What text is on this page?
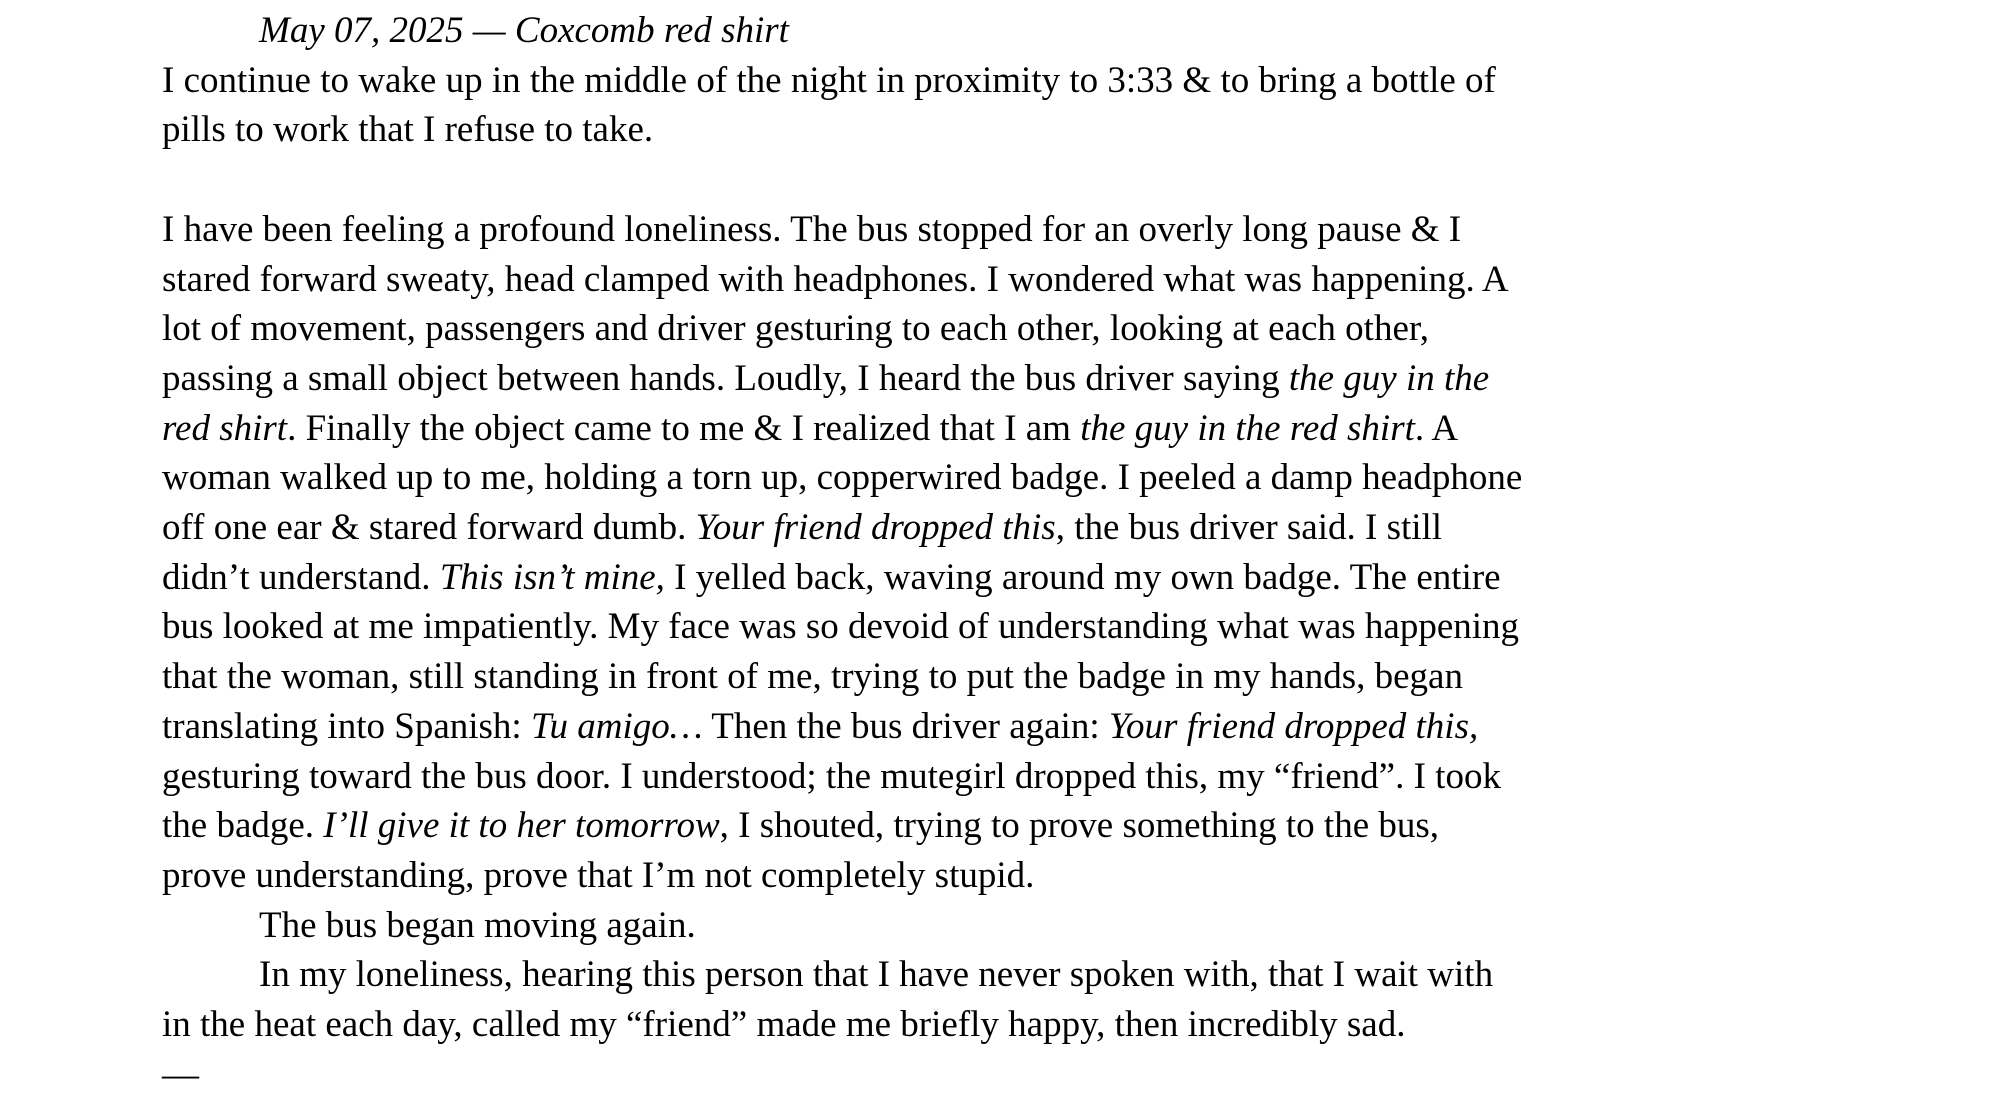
May 07, 2025 — Coxcomb red shirt
I continue to wake up in the middle of the night in proximity to 3:33 & to bring a bottle of
pills to work that I refuse to take.
I have been feeling a profound loneliness. The bus stopped for an overly long pause & I
stared forward sweaty, head clamped with headphones. I wondered what was happening. A
lot of movement, passengers and driver gesturing to each other, looking at each other,
passing a small object between hands. Loudly, I heard the bus driver saying the guy in the
red shirt. Finally the object came to me & I realized that I am the guy in the red shirt. A
woman walked up to me, holding a torn up, copperwired badge. I peeled a damp headphone
off one ear & stared forward dumb. Your friend dropped this, the bus driver said. I still
didn’t understand. This isn’t mine, I yelled back, waving around my own badge. The entire
bus looked at me impatiently. My face was so devoid of understanding what was happening
that the woman, still standing in front of me, trying to put the badge in my hands, began
translating into Spanish: Tu amigo… Then the bus driver again: Your friend dropped this,
gesturing toward the bus door. I understood; the mutegirl dropped this, my “friend”. I took
the badge. I’ll give it to her tomorrow, I shouted, trying to prove something to the bus,
prove understanding, prove that I’m not completely stupid.
The bus began moving again.
In my loneliness, hearing this person that I have never spoken with, that I wait with
in the heat each day, called my “friend” made me briefly happy, then incredibly sad.
—
